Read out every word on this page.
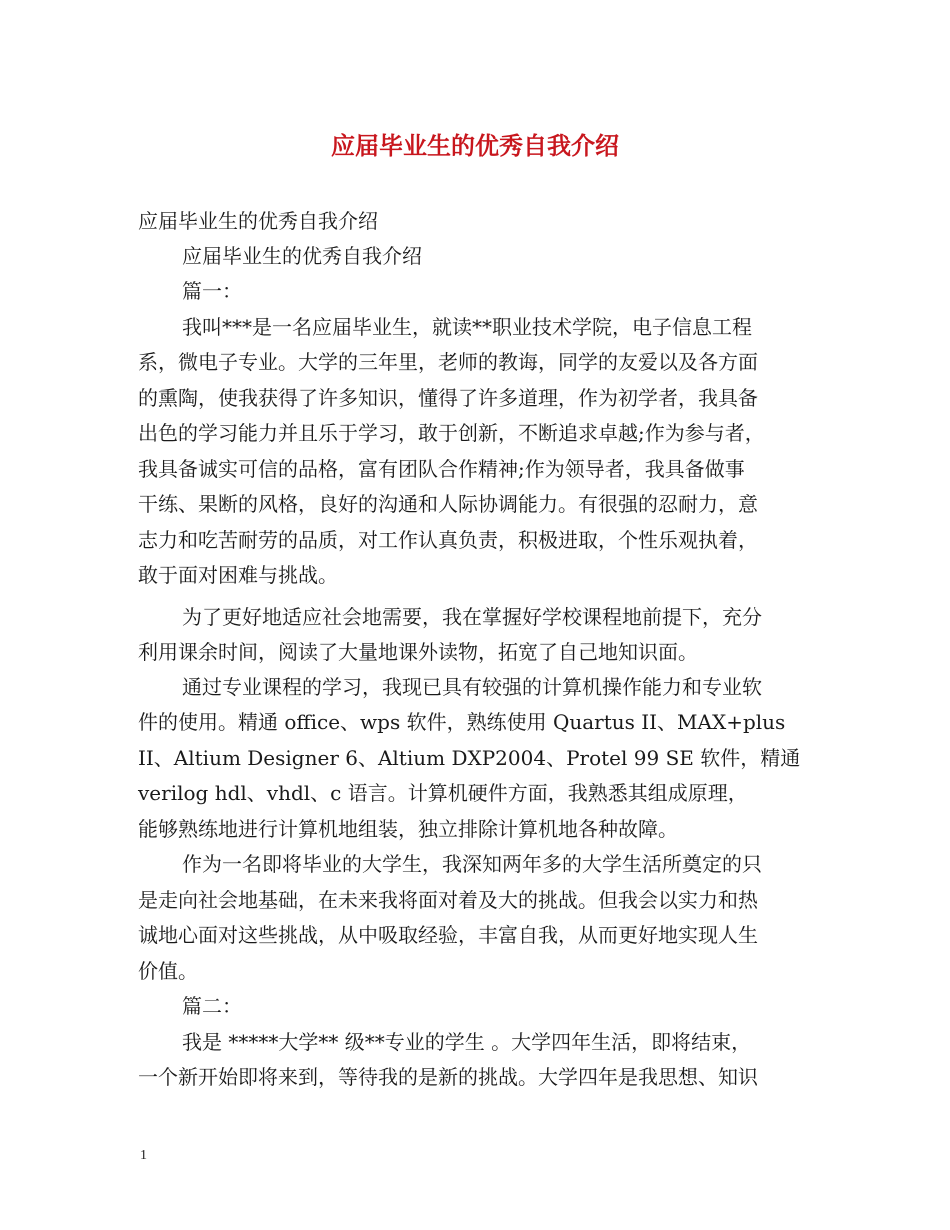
应届毕业生的优秀自我介绍

应届毕业生的优秀自我介绍

应届毕业生的优秀自我介绍

篇一：

我叫***是一名应届毕业生，就读**职业技术学院，电子信息工程

系，微电子专业。大学的三年里，老师的教诲，同学的友爱以及各方面

的熏陶，使我获得了许多知识，懂得了许多道理，作为初学者，我具备

出色的学习能力并且乐于学习，敢于创新，不断追求卓越;作为参与者，

我具备诚实可信的品格，富有团队合作精神;作为领导者，我具备做事

干练、果断的风格，良好的沟通和人际协调能力。有很强的忍耐力，意

志力和吃苦耐劳的品质，对工作认真负责，积极进取，个性乐观执着，

敢于面对困难与挑战。

为了更好地适应社会地需要，我在掌握好学校课程地前提下，充分

利用课余时间，阅读了大量地课外读物，拓宽了自己地知识面。

通过专业课程的学习，我现已具有较强的计算机操作能力和专业软

件的使用。精通 office、wps 软件，熟练使用 Quartus II、MAX+plus

II、Altium Designer 6、Altium DXP2004、Protel 99 SE 软件，精通

verilog hdl、vhdl、c 语言。计算机硬件方面，我熟悉其组成原理，

能够熟练地进行计算机地组装，独立排除计算机地各种故障。

作为一名即将毕业的大学生，我深知两年多的大学生活所奠定的只

是走向社会地基础，在未来我将面对着及大的挑战。但我会以实力和热

诚地心面对这些挑战，从中吸取经验，丰富自我，从而更好地实现人生

价值。

篇二：

我是 *****大学** 级**专业的学生 。大学四年生活，即将结束，

一个新开始即将来到，等待我的是新的挑战。大学四年是我思想、知识

1
